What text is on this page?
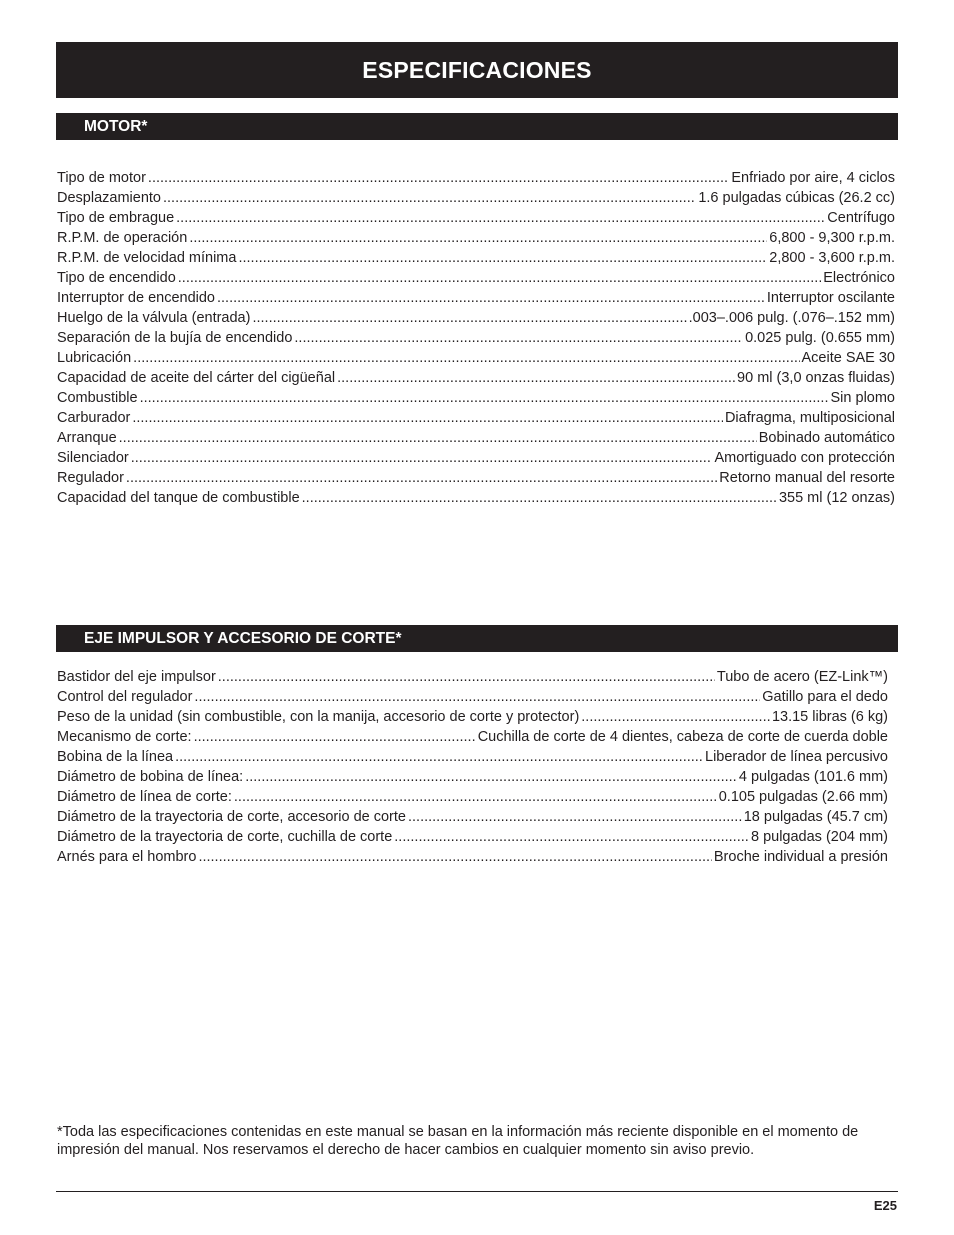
ESPECIFICACIONES
MOTOR*
Tipo de motor .....	Enfriado por aire, 4 ciclos
Desplazamiento .....	1.6 pulgadas cúbicas (26.2 cc)
Tipo de embrague .....	Centrífugo
R.P.M. de operación .....	6,800 - 9,300 r.p.m.
R.P.M. de velocidad mínima .....	2,800 - 3,600 r.p.m.
Tipo de encendido .....	Electrónico
Interruptor de encendido .....	Interruptor oscilante
Huelgo de la válvula (entrada) .....	.003–.006 pulg. (.076–.152 mm)
Separación de la bujía de encendido .....	0.025 pulg. (0.655 mm)
Lubricación .....	Aceite SAE 30
Capacidad de aceite del cárter del cigüeñal .....	90 ml (3,0 onzas fluidas)
Combustible .....	Sin plomo
Carburador .....	Diafragma, multiposicional
Arranque .....	Bobinado automático
Silenciador .....	Amortiguado con protección
Regulador .....	Retorno manual del resorte
Capacidad del tanque de combustible .....	355 ml (12 onzas)
EJE IMPULSOR Y ACCESORIO DE CORTE*
Bastidor del eje impulsor .....	Tubo de acero (EZ-Link™)
Control del regulador .....	Gatillo para el dedo
Peso de la unidad (sin combustible, con la manija, accesorio de corte y protector) .....	13.15 libras (6 kg)
Mecanismo de corte: .....	Cuchilla de corte de 4 dientes, cabeza de corte de cuerda doble
Bobina de la línea .....	Liberador de línea percusivo
Diámetro de bobina de línea: .....	4 pulgadas (101.6 mm)
Diámetro de línea de corte: .....	0.105 pulgadas (2.66 mm)
Diámetro de la trayectoria de corte, accesorio de corte .....	18 pulgadas (45.7 cm)
Diámetro de la trayectoria de corte, cuchilla de corte .....	8 pulgadas (204 mm)
Arnés para el hombro .....	Broche individual a presión
*Toda las especificaciones contenidas en este manual se basan en la información más reciente disponible en el momento de impresión del manual. Nos reservamos el derecho de hacer cambios en cualquier momento sin aviso previo.
E25
